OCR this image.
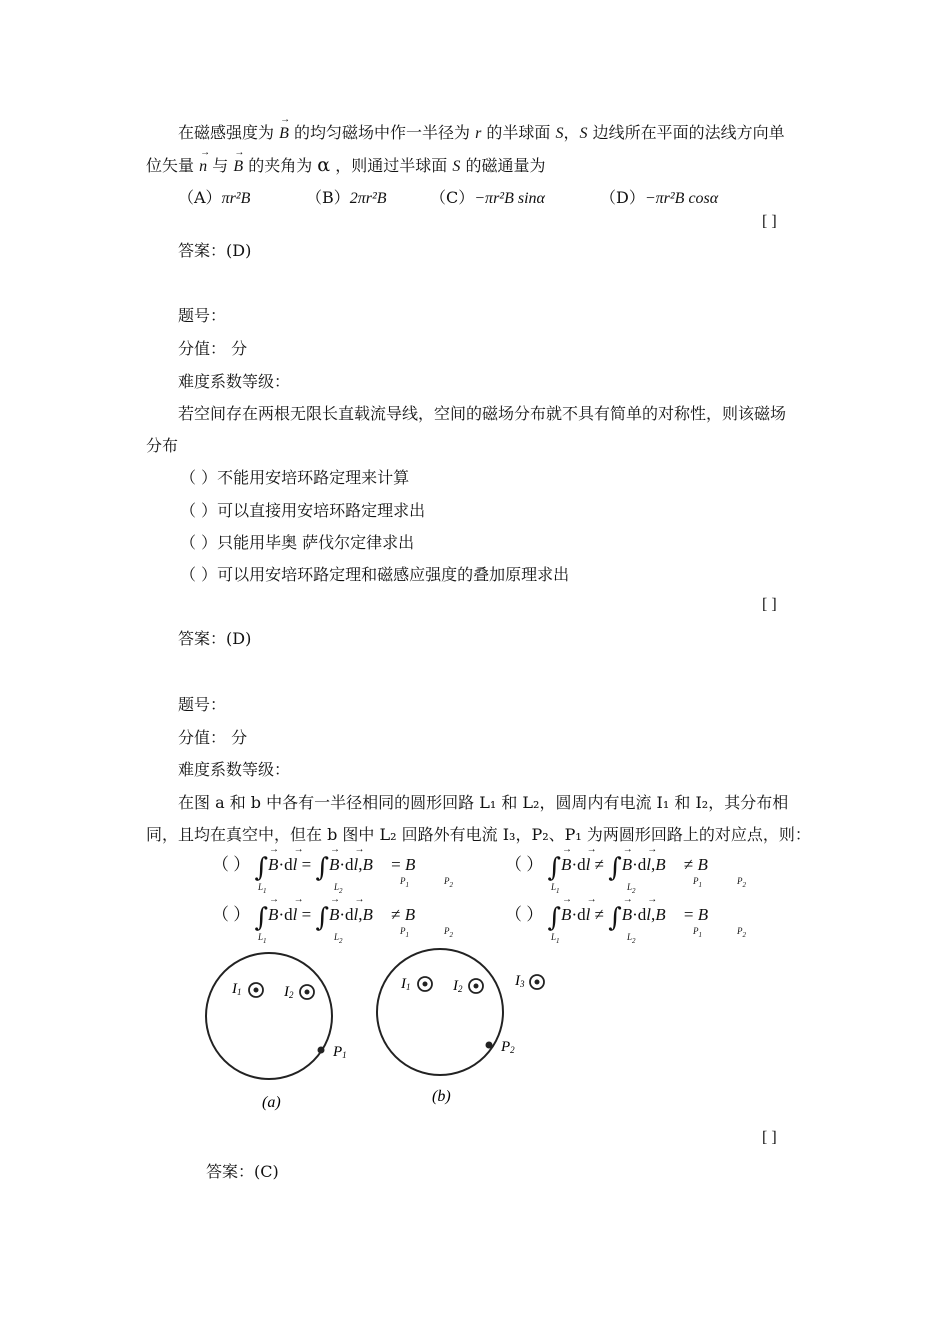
在磁感强度为 → B 的均匀磁场中作一半径为 r 的半球面 S，S 边线所在平面的法线方向单
位矢量 → n 与 → B 的夹角为 α ，则通过半球面 S 的磁通量为
（A）πr²B	（B）2πr²B	（C）−πr²B sinα	（D）−πr²B cosα
[ ]
答案：(D)
题号：
分值： 分
难度系数等级：
若空间存在两根无限长直载流导线，空间的磁场分布就不具有简单的对称性，则该磁场
分布
（ ）不能用安培环路定理来计算
（ ）可以直接用安培环路定理求出
（ ）只能用毕奥 萨伐尔定律求出
（ ）可以用安培环路定理和磁感应强度的叠加原理求出
[ ]
答案：(D)
题号：
分值： 分
难度系数等级：
在图 a 和 b 中各有一半径相同的圆形回路 L₁ 和 L₂，圆周内有电流 I₁ 和 I₂，其分布相
同，且均在真空中，但在 b 图中 L₂ 回路外有电流 I₃，P₂、P₁ 为两圆形回路上的对应点，则：
（ ） ∫→ B·d→ l = ∫→ B·d→ l,B = B
$L_1$	$L_2$
$P_1$	$P_2$
（ ） ∫→ B·d→ l ≠ ∫→ B·d→ l,B ≠ B
$L_1$	$L_2$
$P_1$	$P_2$
（ ） ∫→ B·d→ l = ∫→ B·d→ l,B ≠ B
$L_1$	$L_2$
$P_1$	$P_2$
（ ） ∫→ B·d→ l ≠ ∫→ B·d→ l,B = B
$L_1$	$L_2$
$P_1$	$P_2$
I1	I2
P1
(a)
I1	I2	I3
P2
(b)
[ ]
答案：(C)
